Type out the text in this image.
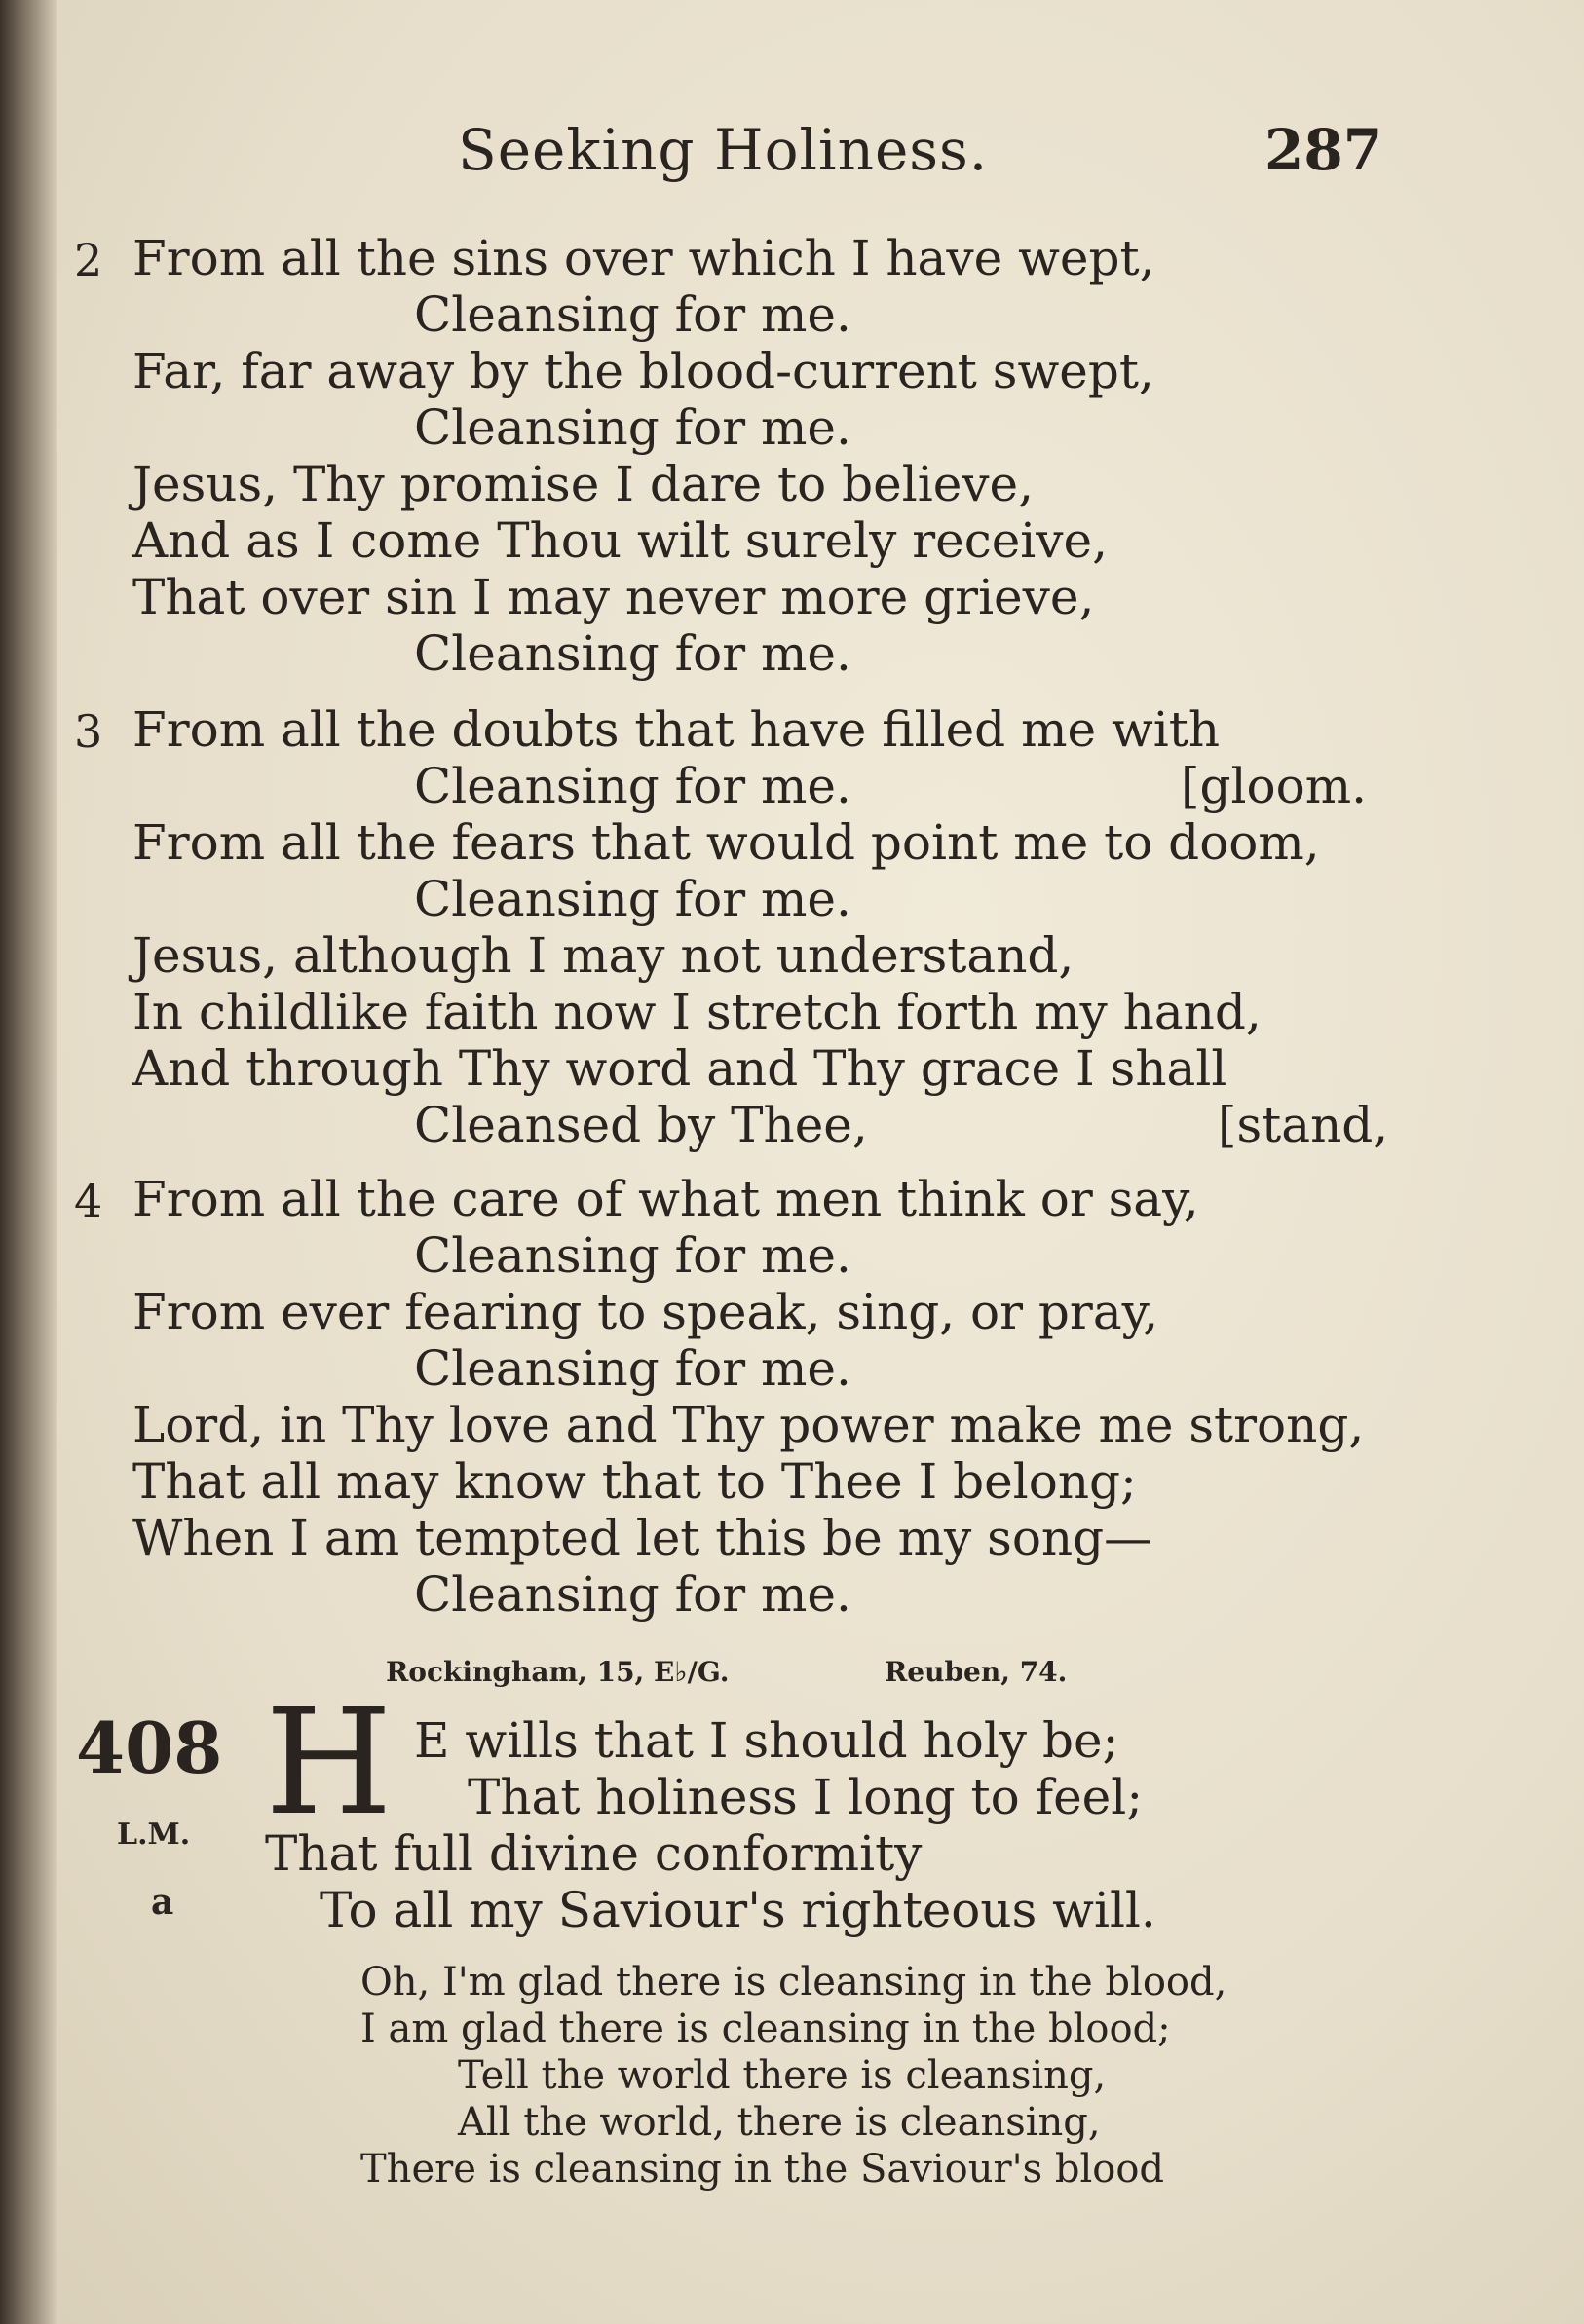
Seeking Holiness.	287
2 From all the sins over which I have wept,
Cleansing for me.
Far, far away by the blood-current swept,
Cleansing for me.
Jesus, Thy promise I dare to believe,
And as I come Thou wilt surely receive,
That over sin I may never more grieve,
Cleansing for me.
3 From all the doubts that have filled me with
Cleansing for me.	[gloom.
From all the fears that would point me to doom,
Cleansing for me.
Jesus, although I may not understand,
In childlike faith now I stretch forth my hand,
And through Thy word and Thy grace I shall
Cleansed by Thee,	[stand,
4 From all the care of what men think or say,
Cleansing for me.
From ever fearing to speak, sing, or pray,
Cleansing for me.
Lord, in Thy love and Thy power make me strong,
That all may know that to Thee I belong;
When I am tempted let this be my song—
Cleansing for me.
Rockingham, 15, E♭/G.	Reuben, 74.
408
L.M.
a
H E wills that I should holy be;
That holiness I long to feel;
That full divine conformity
To all my Saviour's righteous will.
Oh, I'm glad there is cleansing in the blood,
I am glad there is cleansing in the blood;
Tell the world there is cleansing,
All the world, there is cleansing,
There is cleansing in the Saviour's blood
